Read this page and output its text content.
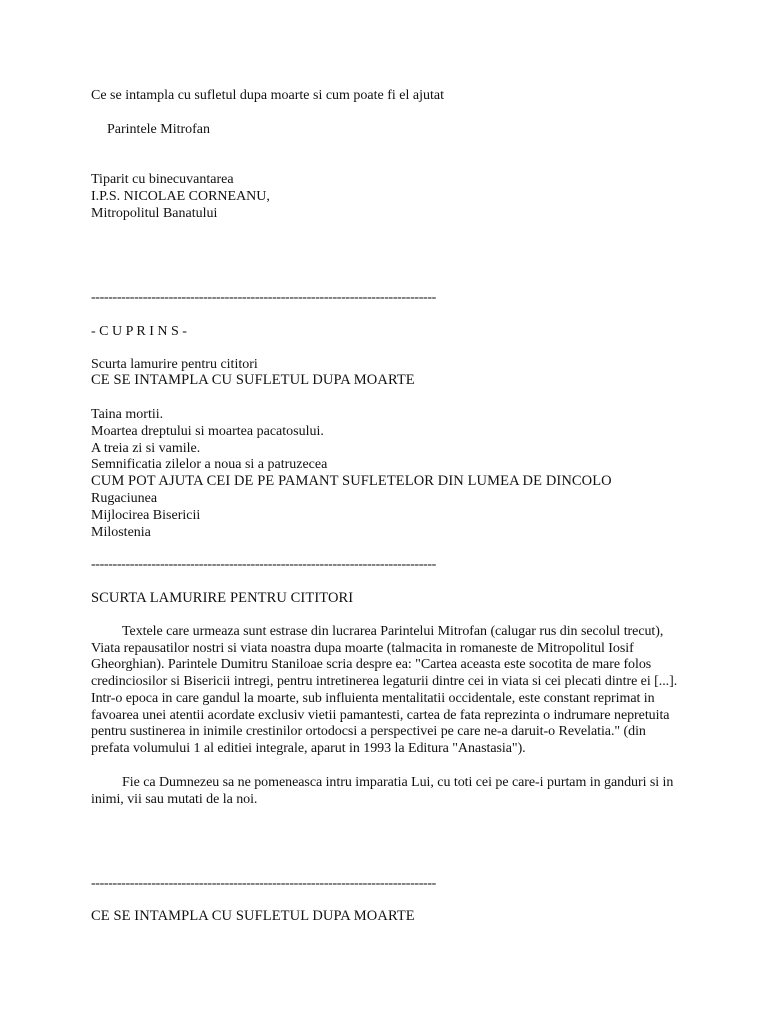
Ce se intampla cu sufletul dupa moarte si cum poate fi el ajutat
Parintele Mitrofan
Tiparit cu binecuvantarea
I.P.S. NICOLAE CORNEANU,
Mitropolitul Banatului
--------------------------------------------------------------------------------
- C U P R I N S -
Scurta lamurire pentru cititori
CE SE INTAMPLA CU SUFLETUL DUPA MOARTE
Taina mortii.
Moartea dreptului si moartea pacatosului.
A treia zi si vamile.
Semnificatia zilelor a noua si a patruzecea
CUM POT AJUTA CEI DE PE PAMANT SUFLETELOR DIN LUMEA DE DINCOLO
Rugaciunea
Mijlocirea Bisericii
Milostenia
--------------------------------------------------------------------------------
SCURTA LAMURIRE PENTRU CITITORI
Textele care urmeaza sunt estrase din lucrarea Parintelui Mitrofan (calugar rus din secolul trecut), Viata repausatilor nostri si viata noastra dupa moarte (talmacita in romaneste de Mitropolitul Iosif Gheorghian). Parintele Dumitru Staniloae scria despre ea: "Cartea aceasta este socotita de mare folos credinciosilor si Bisericii intregi, pentru intretinerea legaturii dintre cei in viata si cei plecati dintre ei [...]. Intr-o epoca in care gandul la moarte, sub influienta mentalitatii occidentale, este constant reprimat in favoarea unei atentii acordate exclusiv vietii pamantesti, cartea de fata reprezinta o indrumare nepretuita pentru sustinerea in inimile crestinilor ortodocsi a perspectivei pe care ne-a daruit-o Revelatia." (din prefata volumului 1 al editiei integrale, aparut in 1993 la Editura "Anastasia").
Fie ca Dumnezeu sa ne pomeneasca intru imparatia Lui, cu toti cei pe care-i purtam in ganduri si in inimi, vii sau mutati de la noi.
--------------------------------------------------------------------------------
CE SE INTAMPLA CU SUFLETUL DUPA MOARTE
